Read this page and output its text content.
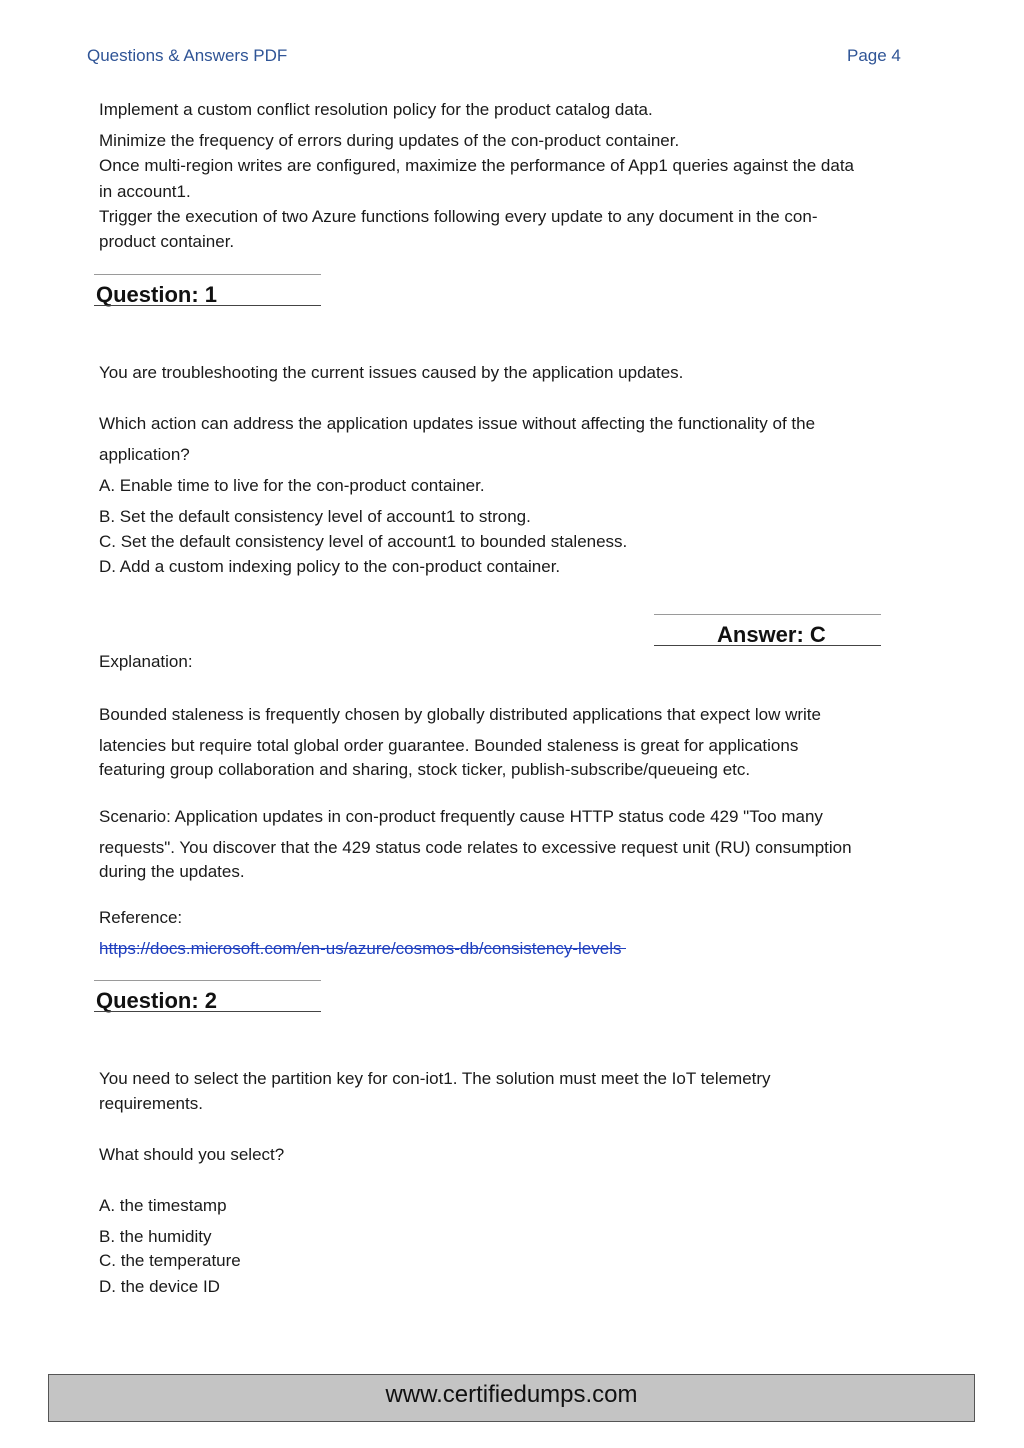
Questions & Answers PDF	Page 4
Implement a custom conflict resolution policy for the product catalog data.
Minimize the frequency of errors during updates of the con-product container.
Once multi-region writes are configured, maximize the performance of App1 queries against the data
in account1.
Trigger the execution of two Azure functions following every update to any document in the con-
product container.
Question: 1
You are troubleshooting the current issues caused by the application updates.
Which action can address the application updates issue without affecting the functionality of the
application?
A. Enable time to live for the con-product container.
B. Set the default consistency level of account1 to strong.
C. Set the default consistency level of account1 to bounded staleness.
D. Add a custom indexing policy to the con-product container.
Answer: C
Explanation:
Bounded staleness is frequently chosen by globally distributed applications that expect low write
latencies but require total global order guarantee. Bounded staleness is great for applications
featuring group collaboration and sharing, stock ticker, publish-subscribe/queueing etc.
Scenario: Application updates in con-product frequently cause HTTP status code 429 "Too many
requests". You discover that the 429 status code relates to excessive request unit (RU) consumption
during the updates.
Reference:
https://docs.microsoft.com/en-us/azure/cosmos-db/consistency-levels
Question: 2
You need to select the partition key for con-iot1. The solution must meet the IoT telemetry
requirements.
What should you select?
A. the timestamp
B. the humidity
C. the temperature
D. the device ID
www.certifiedumps.com
